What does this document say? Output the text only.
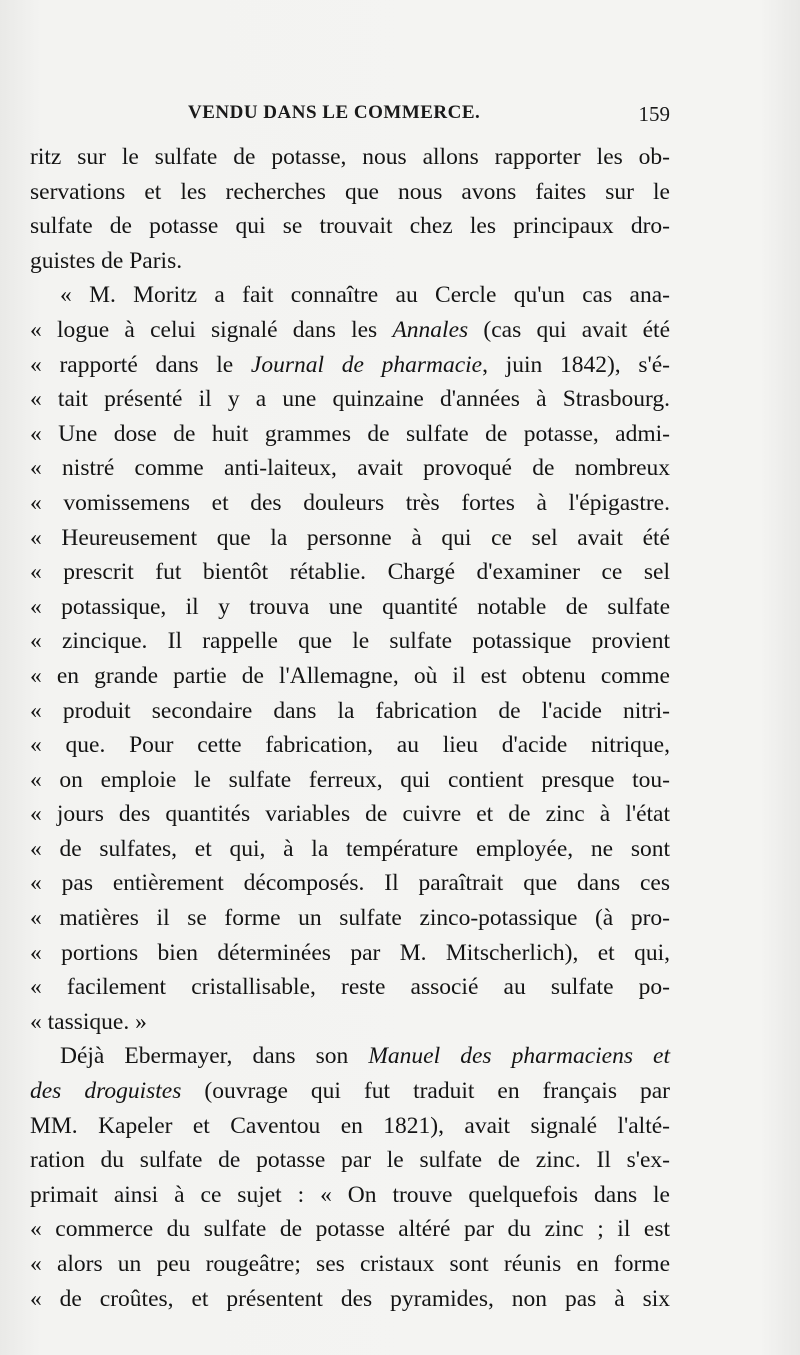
VENDU DANS LE COMMERCE.	159
ritz sur le sulfate de potasse, nous allons rapporter les ob-
servations et les recherches que nous avons faites sur le
sulfate de potasse qui se trouvait chez les principaux dro-
guistes de Paris.
« M. Moritz a fait connaître au Cercle qu'un cas ana-
« logue à celui signalé dans les Annales (cas qui avait été
« rapporté dans le Journal de pharmacie, juin 1842), s'é-
« tait présenté il y a une quinzaine d'années à Strasbourg.
« Une dose de huit grammes de sulfate de potasse, admi-
« nistré comme anti-laiteux, avait provoqué de nombreux
« vomissemens et des douleurs très fortes à l'épigastre.
« Heureusement que la personne à qui ce sel avait été
« prescrit fut bientôt rétablie. Chargé d'examiner ce sel
« potassique, il y trouva une quantité notable de sulfate
« zincique. Il rappelle que le sulfate potassique provient
« en grande partie de l'Allemagne, où il est obtenu comme
« produit secondaire dans la fabrication de l'acide nitri-
« que. Pour cette fabrication, au lieu d'acide nitrique,
« on emploie le sulfate ferreux, qui contient presque tou-
« jours des quantités variables de cuivre et de zinc à l'état
« de sulfates, et qui, à la température employée, ne sont
« pas entièrement décomposés. Il paraîtrait que dans ces
« matières il se forme un sulfate zinco-potassique (à pro-
« portions bien déterminées par M. Mitscherlich), et qui,
« facilement cristallisable, reste associé au sulfate po-
« tassique. »
Déjà Ebermayer, dans son Manuel des pharmaciens et
des droguistes (ouvrage qui fut traduit en français par
MM. Kapeler et Caventou en 1821), avait signalé l'alté-
ration du sulfate de potasse par le sulfate de zinc. Il s'ex-
primait ainsi à ce sujet : « On trouve quelquefois dans le
« commerce du sulfate de potasse altéré par du zinc ; il est
« alors un peu rougeâtre; ses cristaux sont réunis en forme
« de croûtes, et présentent des pyramides, non pas à six
